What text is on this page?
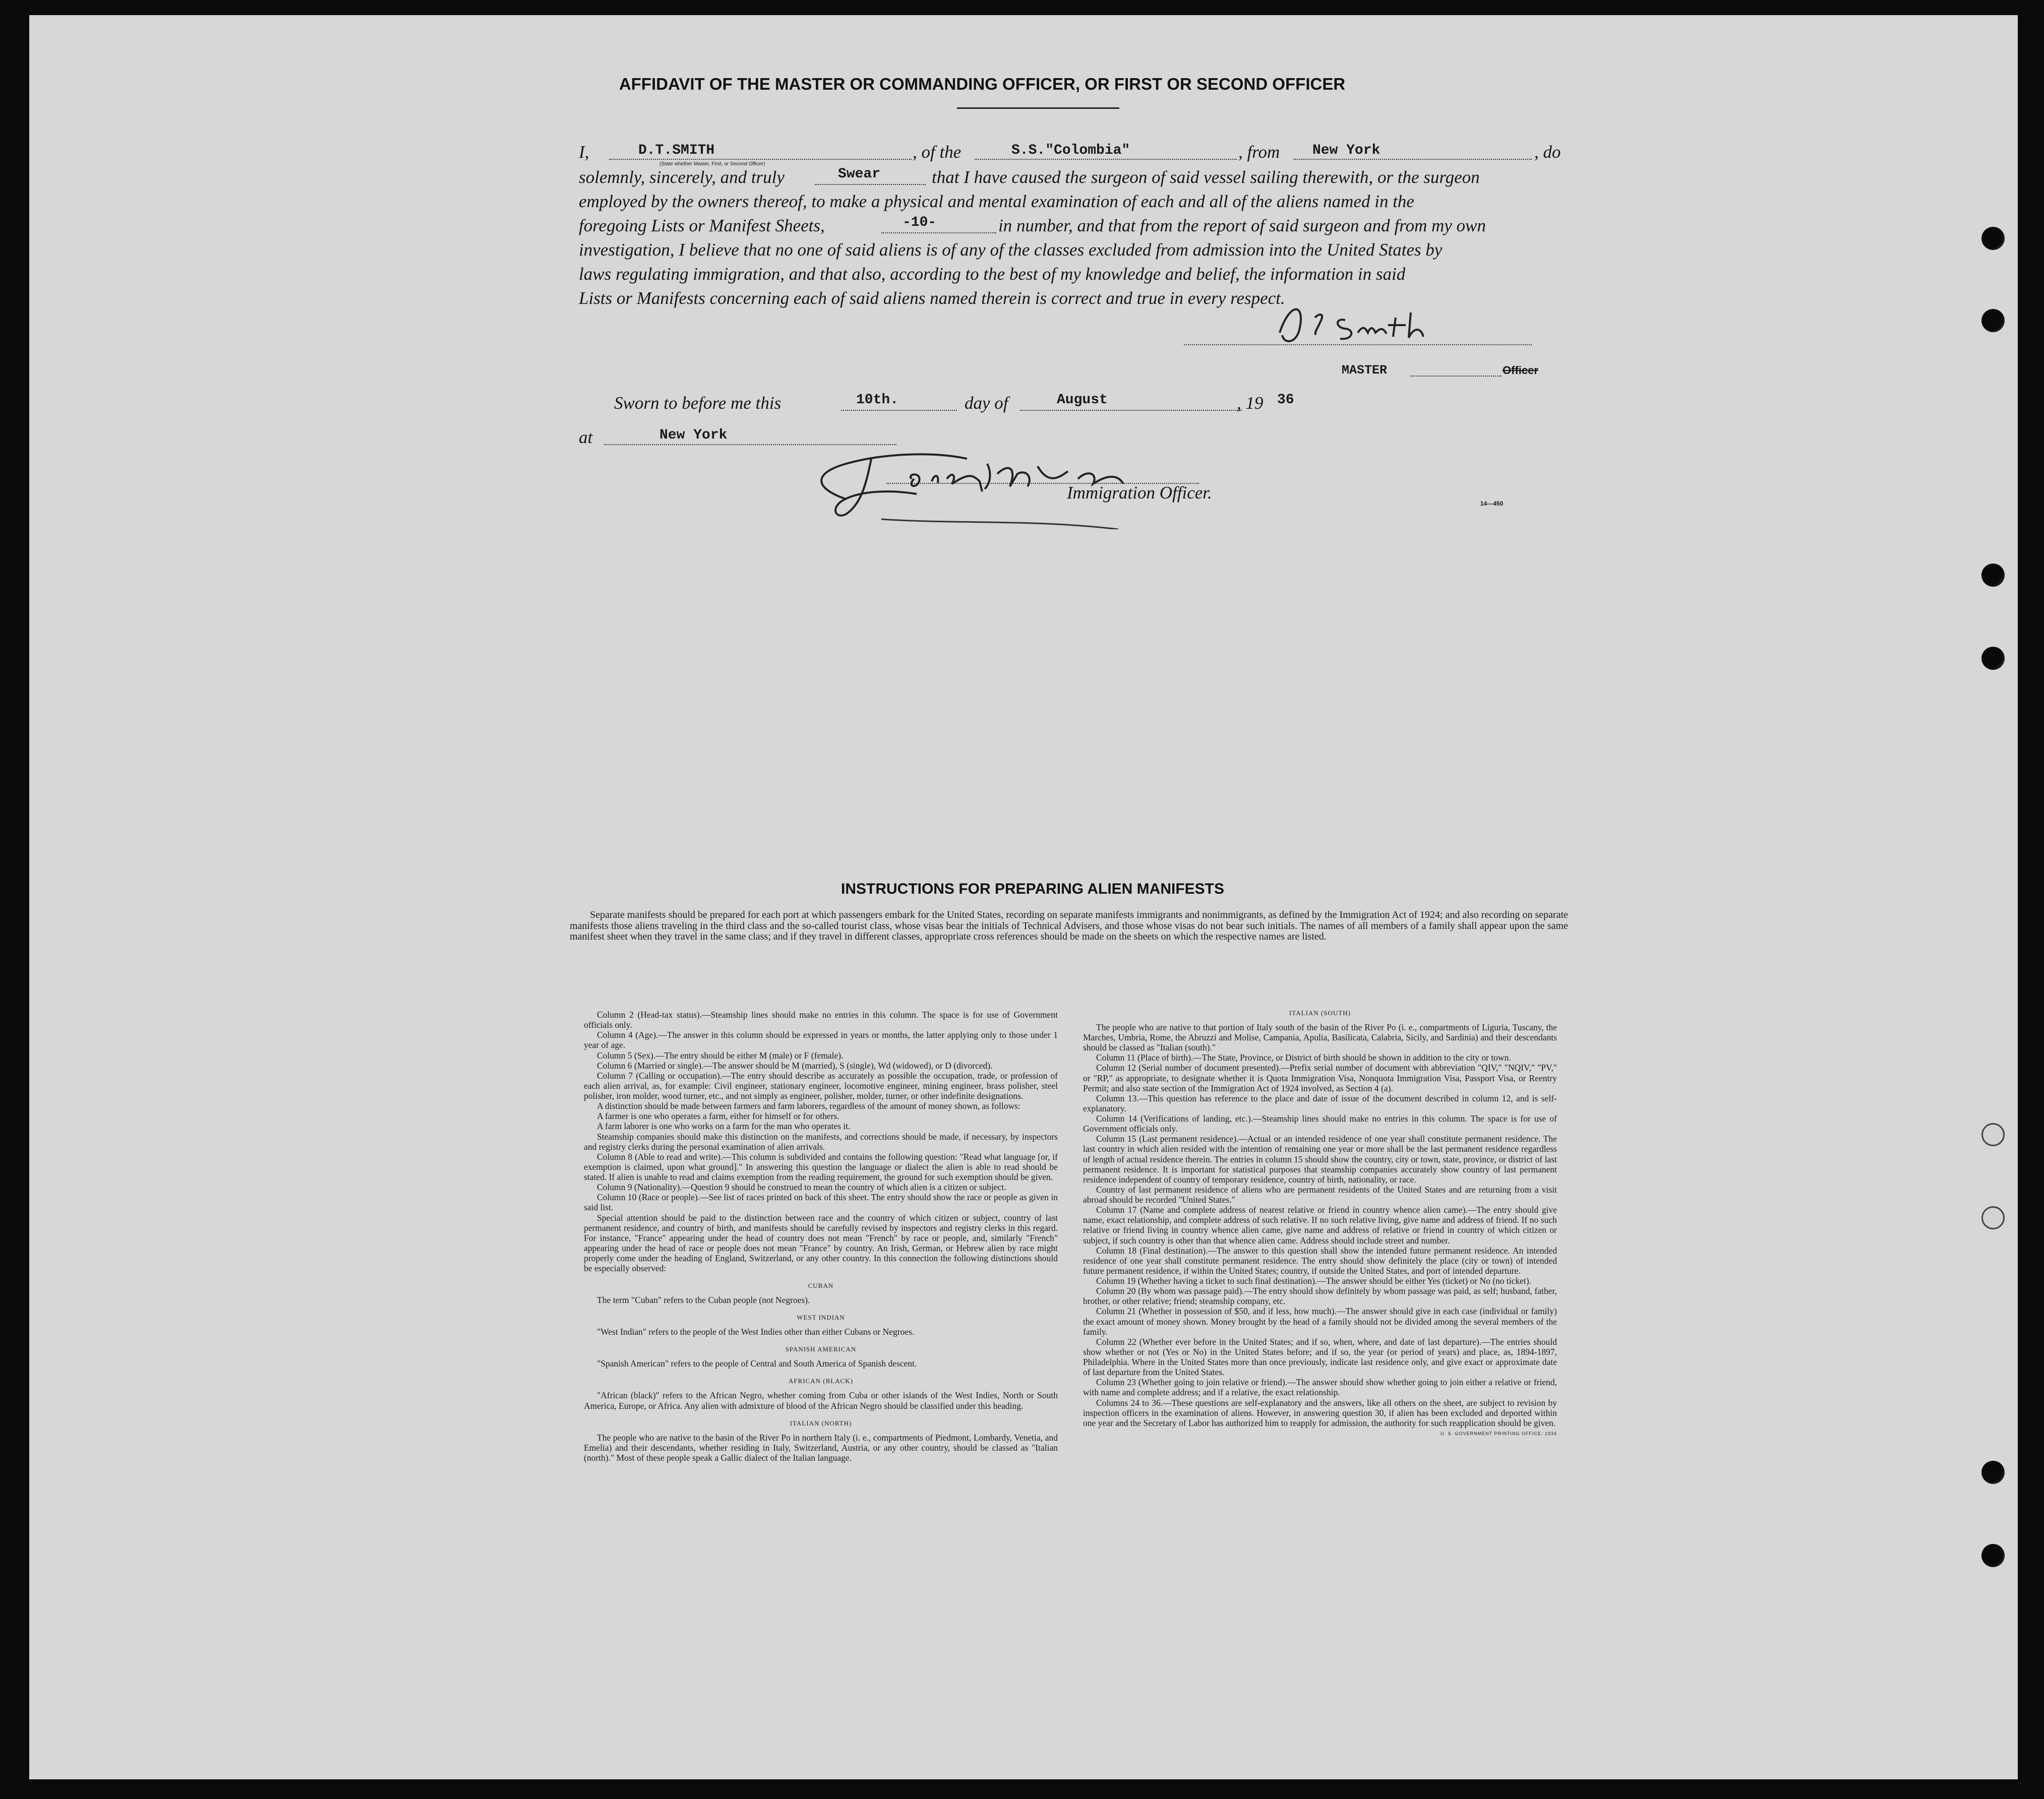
AFFIDAVIT OF THE MASTER OR COMMANDING OFFICER, OR FIRST OR SECOND OFFICER
I,	D.T.SMITH
(State whether Master, First, or Second Officer)
, of the	S.S."Colombia"	, from New York	, do
solemnly, sincerely, and truly	Swear	that I have caused the surgeon of said vessel sailing therewith, or the surgeon
employed by the owners thereof, to make a physical and mental examination of each and all of the aliens named in the
foregoing Lists or Manifest Sheets,	-10-	in number, and that from the report of said surgeon and from my own
investigation, I believe that no one of said aliens is of any of the classes excluded from admission into the United States by
laws regulating immigration, and that also, according to the best of my knowledge and belief, the information in said
Lists or Manifests concerning each of said aliens named therein is correct and true in every respect.
MASTER	Officer
Sworn to before me this	10th.	day of	August	, 19 36
at	New York
Immigration Officer.
14—450
INSTRUCTIONS FOR PREPARING ALIEN MANIFESTS
Separate manifests should be prepared for each port at which passengers embark for the United States, recording on separate manifests immigrants and nonimmigrants, as defined by the Immigration Act of 1924; and also recording on separate manifests those aliens traveling in the third class and the so-called tourist class, whose visas bear the initials of Technical Advisers, and those whose visas do not bear such initials. The names of all members of a family shall appear upon the same manifest sheet when they travel in the same class; and if they travel in different classes, appropriate cross references should be made on the sheets on which the respective names are listed.

Column 2 (Head-tax status).—Steamship lines should make no entries in this column. The space is for use of Government officials only.

Column 4 (Age).—The answer in this column should be expressed in years or months, the latter applying only to those under 1 year of age.

Column 5 (Sex).—The entry should be either M (male) or F (female).

Column 6 (Married or single).—The answer should be M (married), S (single), Wd (widowed), or D (divorced).

Column 7 (Calling or occupation).—The entry should describe as accurately as possible the occupation, trade, or profession of each alien arrival, as, for example: Civil engineer, stationary engineer, locomotive engineer, mining engineer, brass polisher, steel polisher, iron molder, wood turner, etc., and not simply as engineer, polisher, molder, turner, or other indefinite designations.

A distinction should be made between farmers and farm laborers, regardless of the amount of money shown, as follows:

A farmer is one who operates a farm, either for himself or for others.

A farm laborer is one who works on a farm for the man who operates it.

Steamship companies should make this distinction on the manifests, and corrections should be made, if necessary, by inspectors and registry clerks during the personal examination of alien arrivals.

Column 8 (Able to read and write).—This column is subdivided and contains the following question: "Read what language [or, if exemption is claimed, upon what ground]." In answering this question the language or dialect the alien is able to read should be stated. If alien is unable to read and claims exemption from the reading requirement, the ground for such exemption should be given.

Column 9 (Nationality).—Question 9 should be construed to mean the country of which alien is a citizen or subject.

Column 10 (Race or people).—See list of races printed on back of this sheet. The entry should show the race or people as given in said list.

Special attention should be paid to the distinction between race and the country of which citizen or subject, country of last permanent residence, and country of birth, and manifests should be carefully revised by inspectors and registry clerks in this regard. For instance, "France" appearing under the head of country does not mean "French" by race or people, and, similarly "French" appearing under the head of race or people does not mean "France" by country. An Irish, German, or Hebrew alien by race might properly come under the heading of England, Switzerland, or any other country. In this connection the following distinctions should be especially observed:

CUBAN

The term "Cuban" refers to the Cuban people (not Negroes).

WEST INDIAN

"West Indian" refers to the people of the West Indies other than either Cubans or Negroes.

SPANISH AMERICAN

"Spanish American" refers to the people of Central and South America of Spanish descent.

AFRICAN (BLACK)

"African (black)" refers to the African Negro, whether coming from Cuba or other islands of the West Indies, North or South America, Europe, or Africa. Any alien with admixture of blood of the African Negro should be classified under this heading.

ITALIAN (NORTH)

The people who are native to the basin of the River Po in northern Italy (i. e., compartments of Piedmont, Lombardy, Venetia, and Emelia) and their descendants, whether residing in Italy, Switzerland, Austria, or any other country, should be classed as "Italian (north)." Most of these people speak a Gallic dialect of the Italian language.

ITALIAN (SOUTH)

The people who are native to that portion of Italy south of the basin of the River Po (i. e., compartments of Liguria, Tuscany, the Marches, Umbria, Rome, the Abruzzi and Molise, Campania, Apulia, Basilicata, Calabria, Sicily, and Sardinia) and their descendants should be classed as "Italian (south)."

Column 11 (Place of birth).—The State, Province, or District of birth should be shown in addition to the city or town.

Column 12 (Serial number of document presented).—Prefix serial number of document with abbreviation "QIV," "NQIV," "PV," or "RP," as appropriate, to designate whether it is Quota Immigration Visa, Nonquota Immigration Visa, Passport Visa, or Reentry Permit; and also state section of the Immigration Act of 1924 involved, as Section 4 (a).

Column 13.—This question has reference to the place and date of issue of the document described in column 12, and is self-explanatory.

Column 14 (Verifications of landing, etc.).—Steamship lines should make no entries in this column. The space is for use of Government officials only.

Column 15 (Last permanent residence).—Actual or an intended residence of one year shall constitute permanent residence. The last country in which alien resided with the intention of remaining one year or more shall be the last permanent residence regardless of length of actual residence therein. The entries in column 15 should show the country, city or town, state, province, or district of last permanent residence. It is important for statistical purposes that steamship companies accurately show country of last permanent residence independent of country of temporary residence, country of birth, nationality, or race.

Country of last permanent residence of aliens who are permanent residents of the United States and are returning from a visit abroad should be recorded "United States."

Column 17 (Name and complete address of nearest relative or friend in country whence alien came).—The entry should give name, exact relationship, and complete address of such relative. If no such relative living, give name and address of friend. If no such relative or friend living in country whence alien came, give name and address of relative or friend in country of which citizen or subject, if such country is other than that whence alien came. Address should include street and number.

Column 18 (Final destination).—The answer to this question shall show the intended future permanent residence. An intended residence of one year shall constitute permanent residence. The entry should show definitely the place (city or town) of intended future permanent residence, if within the United States; country, if outside the United States, and port of intended departure.

Column 19 (Whether having a ticket to such final destination).—The answer should be either Yes (ticket) or No (no ticket).

Column 20 (By whom was passage paid).—The entry should show definitely by whom passage was paid, as self; husband, father, brother, or other relative; friend; steamship company, etc.

Column 21 (Whether in possession of $50, and if less, how much).—The answer should give in each case (individual or family) the exact amount of money shown. Money brought by the head of a family should not be divided among the several members of the family.

Column 22 (Whether ever before in the United States; and if so, when, where, and date of last departure).—The entries should show whether or not (Yes or No) in the United States before; and if so, the year (or period of years) and place, as, 1894-1897, Philadelphia. Where in the United States more than once previously, indicate last residence only, and give exact or approximate date of last departure from the United States.

Column 23 (Whether going to join relative or friend).—The answer should show whether going to join either a relative or friend, with name and complete address; and if a relative, the exact relationship.

Columns 24 to 36.—These questions are self-explanatory and the answers, like all others on the sheet, are subject to revision by inspection officers in the examination of aliens. However, in answering question 30, if alien has been excluded and deported within one year and the Secretary of Labor has authorized him to reapply for admission, the authority for such reapplication should be given.

U. S. GOVERNMENT PRINTING OFFICE: 1934
